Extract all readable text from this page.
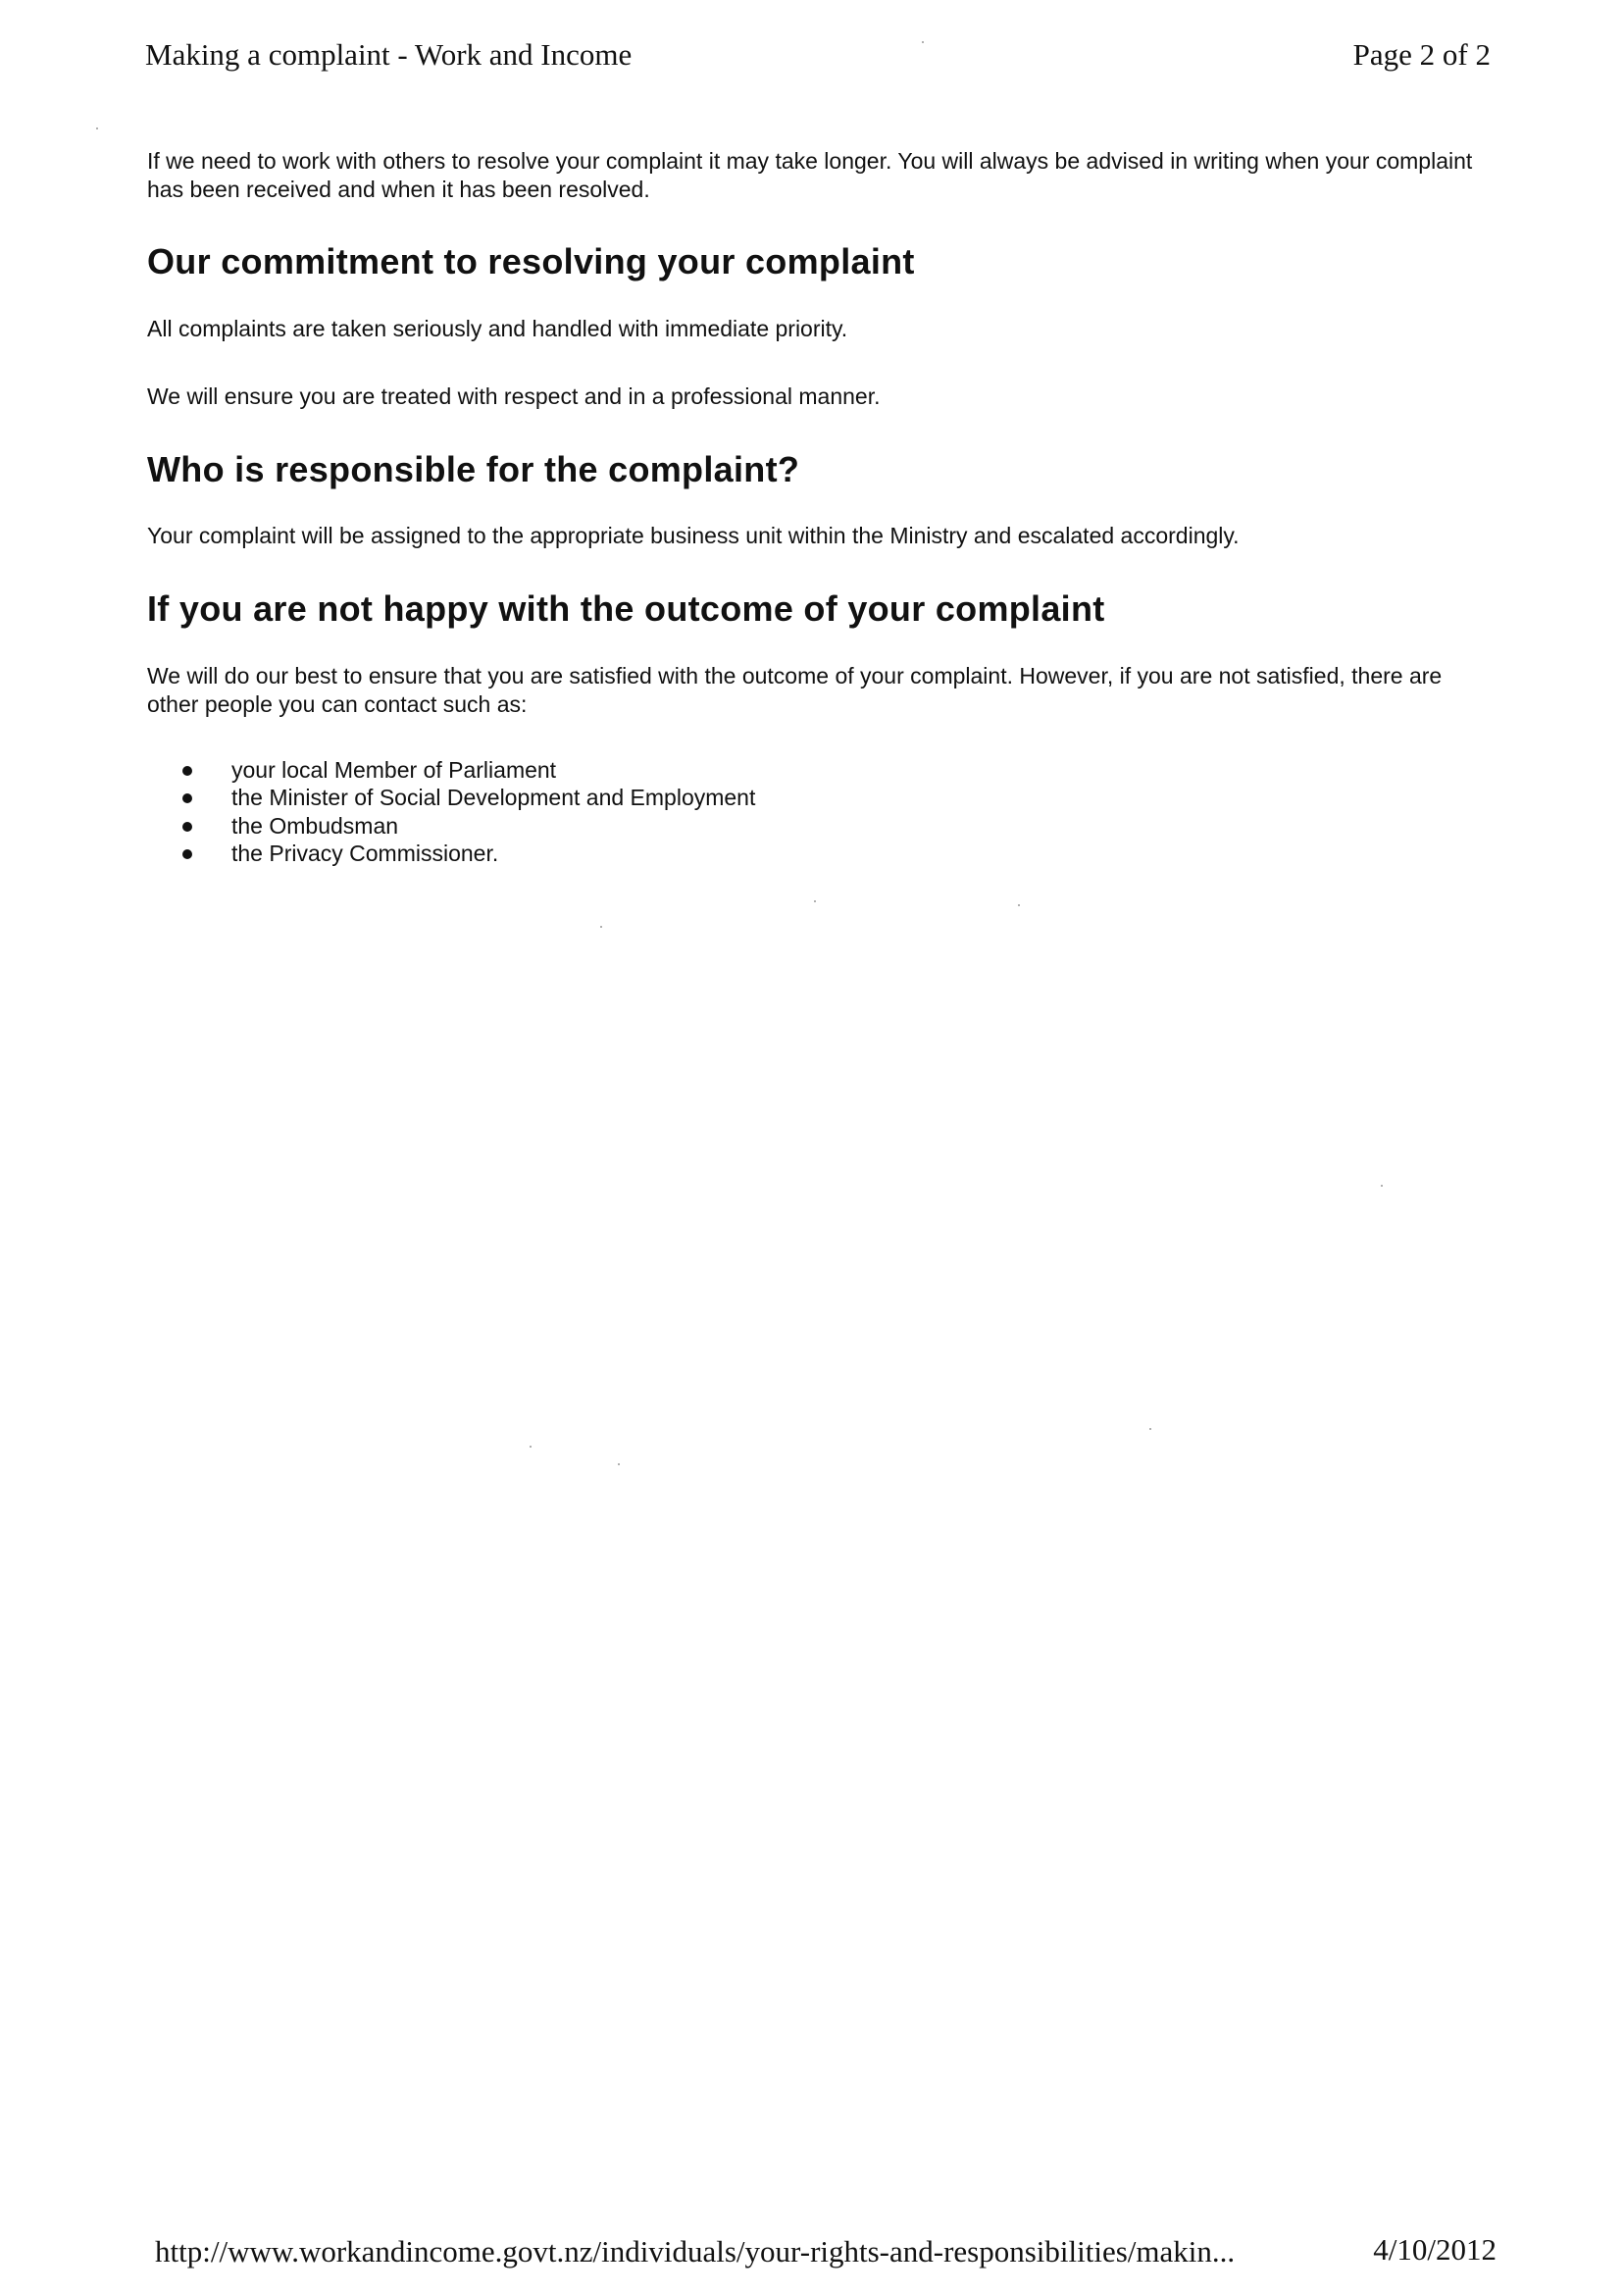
Making a complaint - Work and Income	Page 2 of 2

If we need to work with others to resolve your complaint it may take longer. You will always be advised in writing when your complaint has been received and when it has been resolved.

Our commitment to resolving your complaint

All complaints are taken seriously and handled with immediate priority.

We will ensure you are treated with respect and in a professional manner.

Who is responsible for the complaint?

Your complaint will be assigned to the appropriate business unit within the Ministry and escalated accordingly.

If you are not happy with the outcome of your complaint

We will do our best to ensure that you are satisfied with the outcome of your complaint. However, if you are not satisfied, there are other people you can contact such as:

your local Member of Parliament
the Minister of Social Development and Employment
the Ombudsman
the Privacy Commissioner.
http://www.workandincome.govt.nz/individuals/your-rights-and-responsibilities/makin...	4/10/2012
